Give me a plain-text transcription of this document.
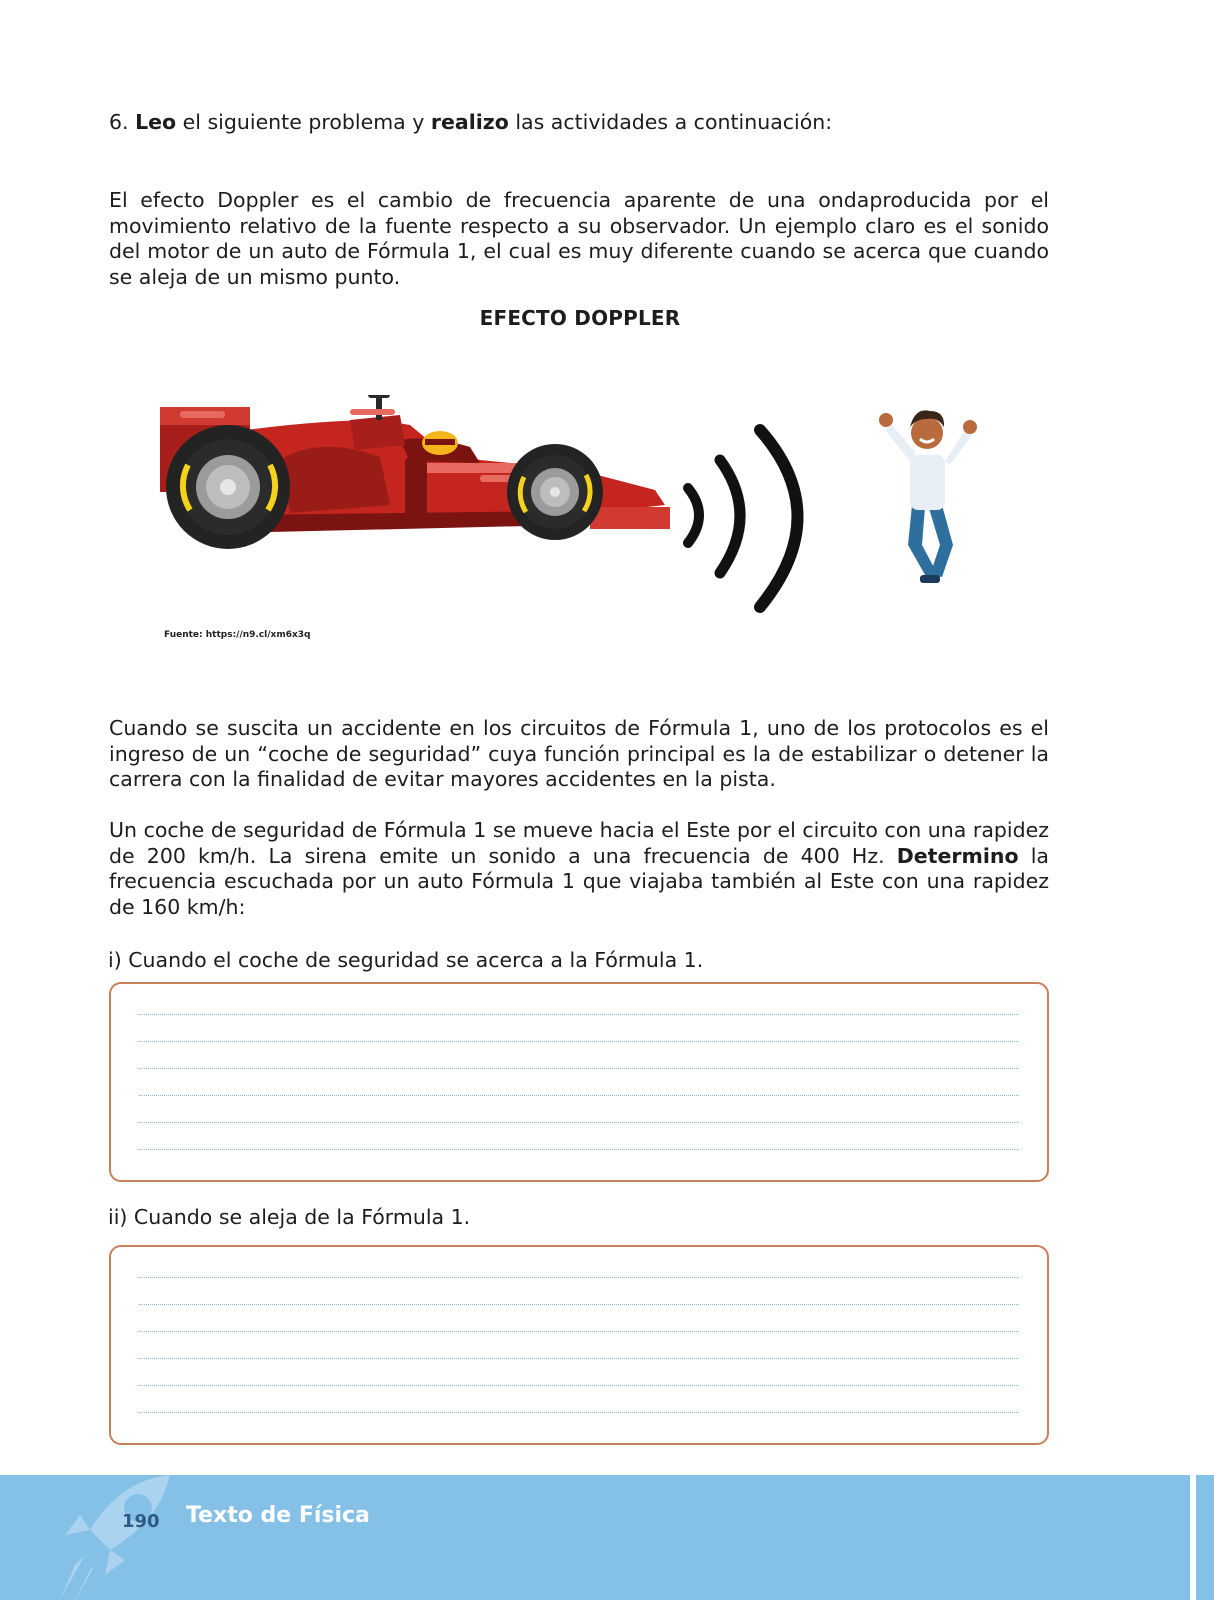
6. Leo el siguiente problema y realizo las actividades a continuación:

El efecto Doppler es el cambio de frecuencia aparente de una ondaproducida por el movimiento relativo de la fuente respecto a su observador. Un ejemplo claro es el sonido del motor de un auto de Fórmula 1, el cual es muy diferente cuando se acerca que cuando se aleja de un mismo punto.

EFECTO DOPPLER
Fuente: https://n9.cl/xm6x3q

Cuando se suscita un accidente en los circuitos de Fórmula 1, uno de los protocolos es el ingreso de un “coche de seguridad” cuya función principal es la de estabilizar o detener la carrera con la finalidad de evitar mayores accidentes en la pista.

Un coche de seguridad de Fórmula 1 se mueve hacia el Este por el circuito con una rapidez de 200 km/h. La sirena emite un sonido a una frecuencia de 400 Hz. Determino la frecuencia escuchada por un auto Fórmula 1 que viajaba también al Este con una rapidez de 160 km/h:

i) Cuando el coche de seguridad se acerca a la Fórmula 1.

ii) Cuando se aleja de la Fórmula 1.

190 Texto de Física
